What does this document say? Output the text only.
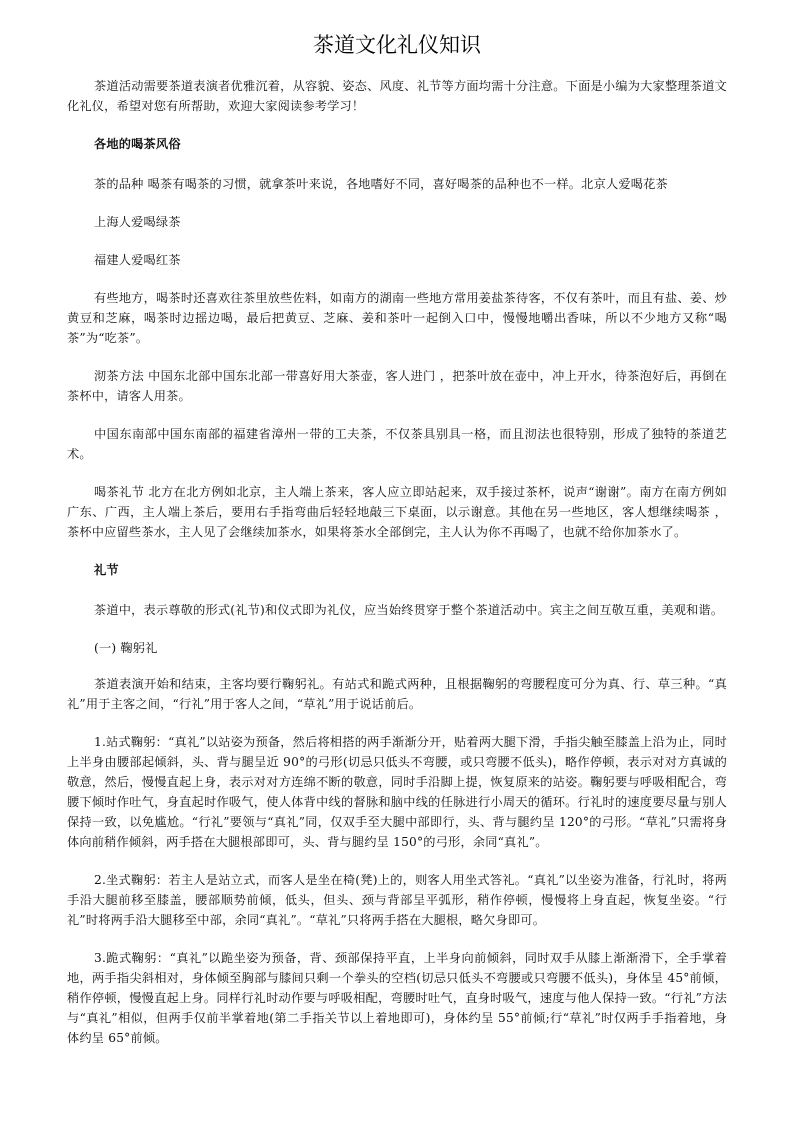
茶道文化礼仪知识

茶道活动需要茶道表演者优雅沉着，从容貌、姿态、风度、礼节等方面均需十分注意。下面是小编为大家整理茶道文化礼仪，希望对您有所帮助，欢迎大家阅读参考学习！

各地的喝茶风俗

茶的品种 喝茶有喝茶的习惯，就拿茶叶来说，各地嗜好不同，喜好喝茶的品种也不一样。北京人爱喝花茶

上海人爱喝绿茶

福建人爱喝红茶

有些地方，喝茶时还喜欢往茶里放些佐料，如南方的湖南一些地方常用姜盐茶待客，不仅有茶叶，而且有盐、姜、炒黄豆和芝麻，喝茶时边摇边喝，最后把黄豆、芝麻、姜和茶叶一起倒入口中，慢慢地嚼出香味，所以不少地方又称“喝茶”为“吃茶”。

沏茶方法 中国东北部中国东北部一带喜好用大茶壶，客人进门 ，把茶叶放在壶中，冲上开水，待茶泡好后，再倒在茶杯中，请客人用茶。

中国东南部中国东南部的福建省漳州一带的工夫茶，不仅茶具别具一格，而且沏法也很特别，形成了独特的茶道艺术。

喝茶礼节 北方在北方例如北京，主人端上茶来，客人应立即站起来，双手接过茶杯，说声“谢谢”。南方在南方例如广东、广西，主人端上茶后，要用右手指弯曲后轻轻地敲三下桌面，以示谢意。其他在另一些地区，客人想继续喝茶 ，茶杯中应留些茶水，主人见了会继续加茶水，如果将茶水全部倒完，主人认为你不再喝了，也就不给你加茶水了。

礼节

茶道中，表示尊敬的形式(礼节)和仪式即为礼仪，应当始终贯穿于整个茶道活动中。宾主之间互敬互重，美观和谐。

(一) 鞠躬礼

茶道表演开始和结束，主客均要行鞠躬礼。有站式和跪式两种，且根据鞠躬的弯腰程度可分为真、行、草三种。“真礼”用于主客之间，“行礼”用于客人之间，“草礼”用于说话前后。

1.站式鞠躬：“真礼”以站姿为预备，然后将相搭的两手渐渐分开，贴着两大腿下滑，手指尖触至膝盖上沿为止，同时上半身由腰部起倾斜，头、背与腿呈近 90°的弓形(切忌只低头不弯腰，或只弯腰不低头)，略作停顿，表示对对方真诚的敬意，然后，慢慢直起上身，表示对对方连绵不断的敬意，同时手沿脚上提，恢复原来的站姿。鞠躬要与呼吸相配合，弯腰下倾时作吐气，身直起时作吸气，使人体背中线的督脉和脑中线的任脉进行小周天的循环。行礼时的速度要尽量与别人保持一致，以免尴尬。“行礼”要领与“真礼”同，仅双手至大腿中部即行，头、背与腿约呈 120°的弓形。“草礼”只需将身体向前稍作倾斜，两手搭在大腿根部即可，头、背与腿约呈 150°的弓形，余同“真礼”。

2.坐式鞠躬：若主人是站立式，而客人是坐在椅(凳)上的，则客人用坐式答礼。“真礼”以坐姿为准备，行礼时，将两手沿大腿前移至膝盖，腰部顺势前倾，低头，但头、颈与背部呈平弧形，稍作停顿，慢慢将上身直起，恢复坐姿。“行礼”时将两手沿大腿移至中部，余同“真礼”。“草礼”只将两手搭在大腿根，略欠身即可。

3.跪式鞠躬：“真礼”以跪坐姿为预备，背、颈部保持平直，上半身向前倾斜，同时双手从膝上渐渐滑下，全手掌着地，两手指尖斜相对，身体倾至胸部与膝间只剩一个拳头的空档(切忌只低头不弯腰或只弯腰不低头)，身体呈 45°前倾，稍作停顿，慢慢直起上身。同样行礼时动作要与呼吸相配，弯腰时吐气，直身时吸气，速度与他人保持一致。“行礼”方法与“真礼”相似，但两手仅前半掌着地(第二手指关节以上着地即可)，身体约呈 55°前倾;行“草礼”时仅两手手指着地，身体约呈 65°前倾。
